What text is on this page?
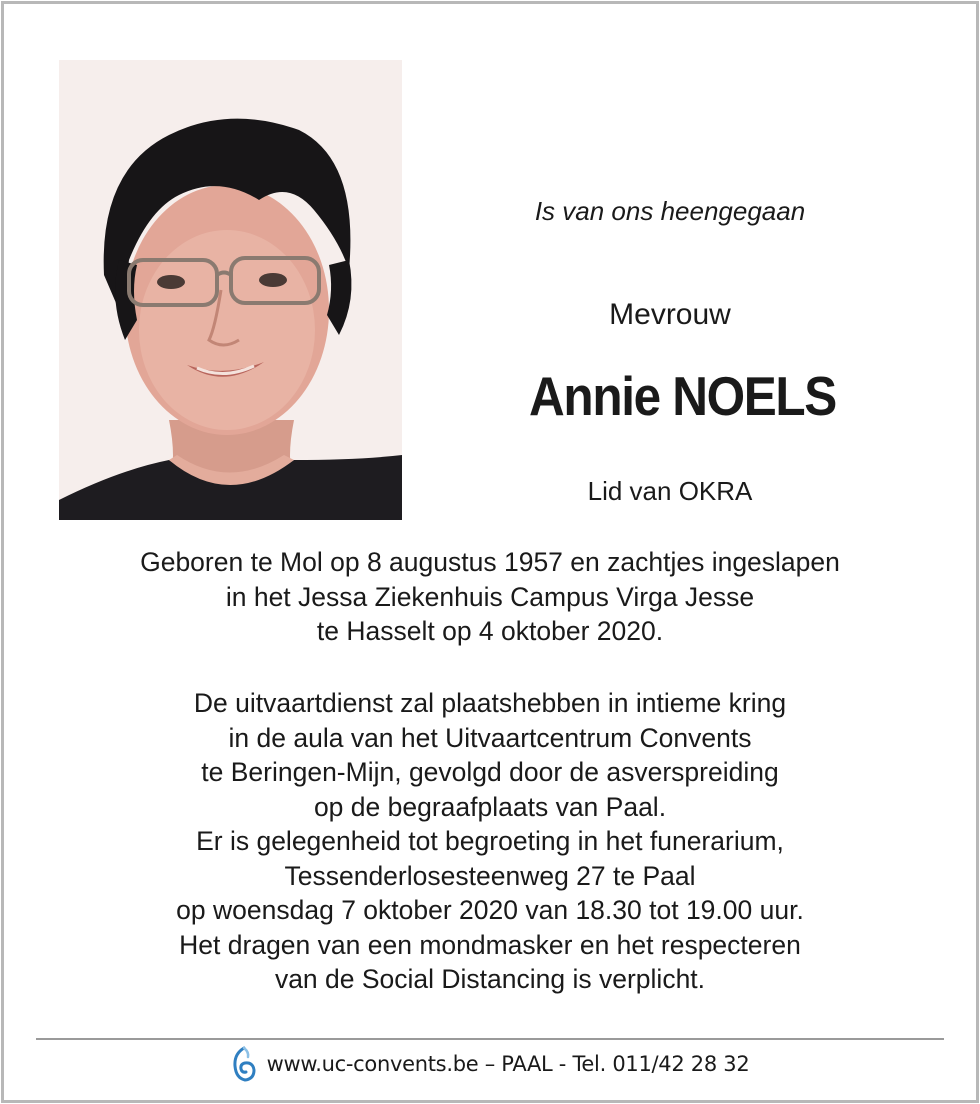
Is van ons heengegaan
Mevrouw
Annie NOELS
Lid van OKRA
Geboren te Mol op 8 augustus 1957 en zachtjes ingeslapen
in het Jessa Ziekenhuis Campus Virga Jesse
te Hasselt op 4 oktober 2020.
De uitvaartdienst zal plaatshebben in intieme kring
in de aula van het Uitvaartcentrum Convents
te Beringen-Mijn, gevolgd door de asverspreiding
op de begraafplaats van Paal.
Er is gelegenheid tot begroeting in het funerarium,
Tessenderlosesteenweg 27 te Paal
op woensdag 7 oktober 2020 van 18.30 tot 19.00 uur.
Het dragen van een mondmasker en het respecteren
van de Social Distancing is verplicht.
www.uc-convents.be – PAAL - Tel. 011/42 28 32
